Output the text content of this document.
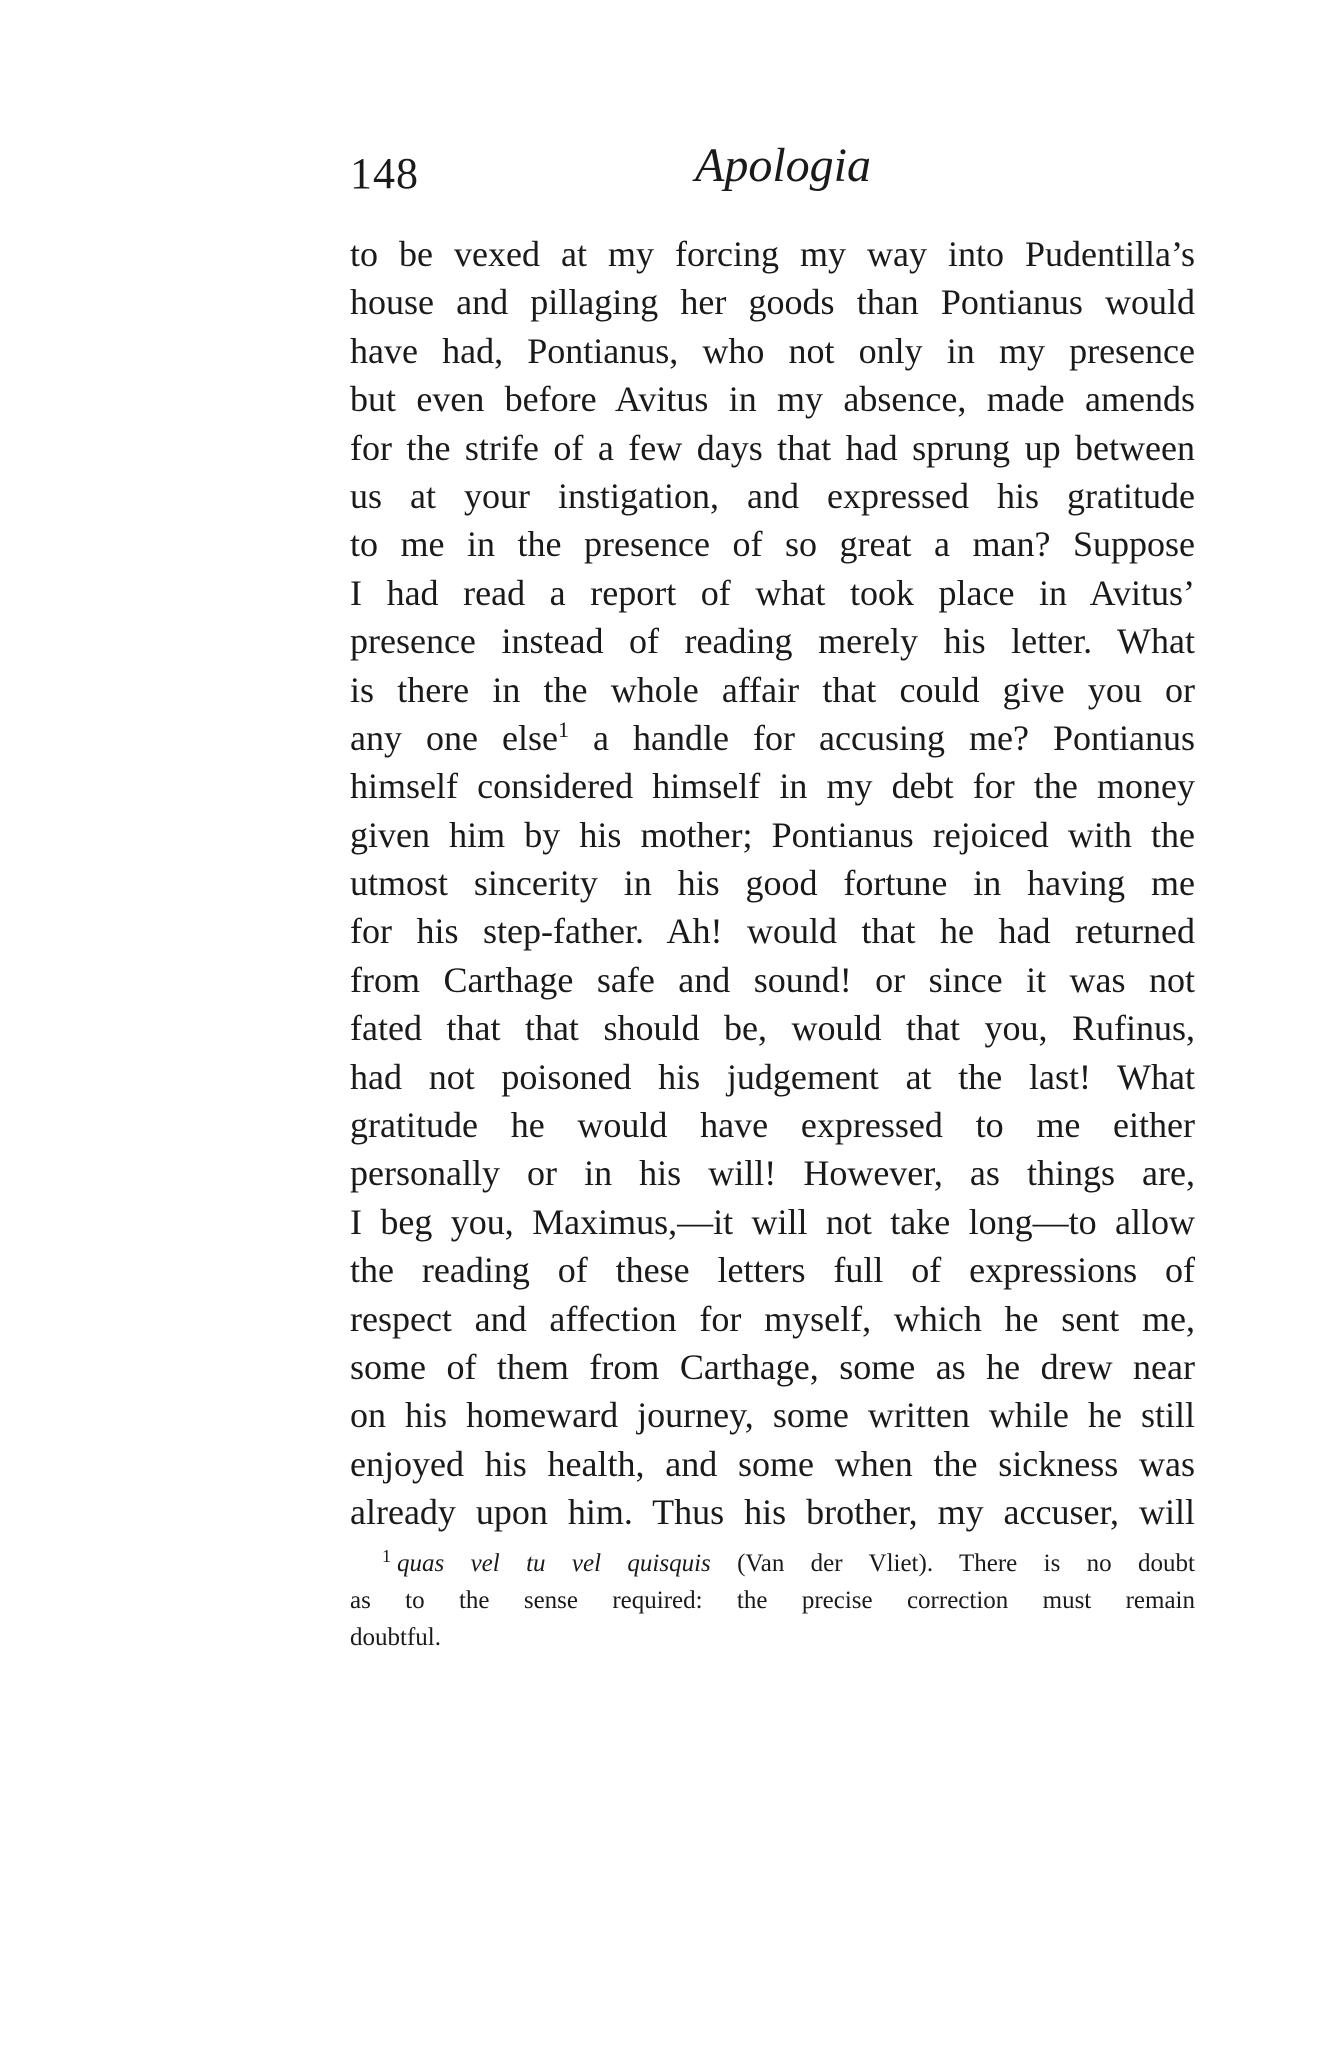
148	Apologia
to be vexed at my forcing my way into Pudentilla’s
house and pillaging her goods than Pontianus would
have had, Pontianus, who not only in my presence
but even before Avitus in my absence, made amends
for the strife of a few days that had sprung up between
us at your instigation, and expressed his gratitude
to me in the presence of so great a man? Suppose
I had read a report of what took place in Avitus’
presence instead of reading merely his letter. What
is there in the whole affair that could give you or
any one else$^1$ a handle for accusing me? Pontianus
himself considered himself in my debt for the money
given him by his mother; Pontianus rejoiced with the
utmost sincerity in his good fortune in having me
for his step-father. Ah! would that he had returned
from Carthage safe and sound! or since it was not
fated that that should be, would that you, Rufinus,
had not poisoned his judgement at the last! What
gratitude he would have expressed to me either
personally or in his will! However, as things are,
I beg you, Maximus,—it will not take long—to allow
the reading of these letters full of expressions of
respect and affection for myself, which he sent me,
some of them from Carthage, some as he drew near
on his homeward journey, some written while he still
enjoyed his health, and some when the sickness was
already upon him. Thus his brother, my accuser, will
$^1$ quas vel tu vel quisquis (Van der Vliet). There is no doubt
as to the sense required: the precise correction must remain
doubtful.
